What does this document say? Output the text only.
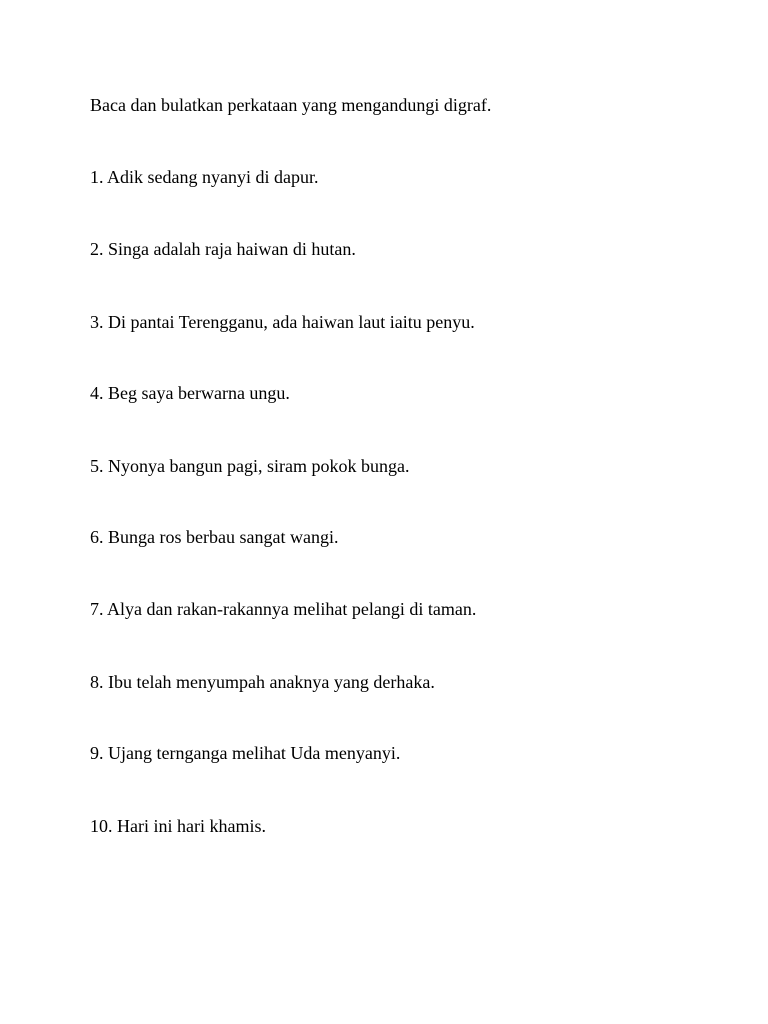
Baca dan bulatkan perkataan yang mengandungi digraf.
1. Adik sedang nyanyi di dapur.
2. Singa adalah raja haiwan di hutan.
3. Di pantai Terengganu, ada haiwan laut iaitu penyu.
4. Beg saya berwarna ungu.
5. Nyonya bangun pagi, siram pokok bunga.
6. Bunga ros berbau sangat wangi.
7. Alya dan rakan-rakannya melihat pelangi di taman.
8. Ibu telah menyumpah anaknya yang derhaka.
9. Ujang ternganga melihat Uda menyanyi.
10. Hari ini hari khamis.
